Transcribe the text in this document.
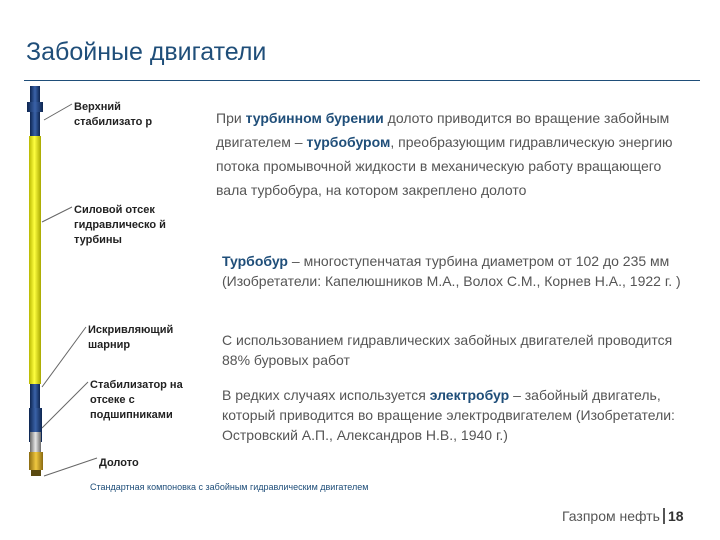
Забойные двигатели
Верхний стабилизато р
Силовой отсек гидравлическо й турбины
Искривляющий шарнир
Стабилизатор на отсеке с подшипниками
Долото
При турбинном бурении долото приводится во вращение забойным двигателем – турбобуром, преобразующим гидравлическую энергию потока промывочной жидкости в механическую работу вращающего вала турбобура, на котором закреплено долото
Турбобур – многоступенчатая турбина диаметром от 102 до 235 мм (Изобретатели: Капелюшников М.А., Волох С.М., Корнев Н.А., 1922 г. )
С использованием гидравлических забойных двигателей проводится 88% буровых работ
В редких случаях используется электробур – забойный двигатель, который приводится во вращение электродвигателем (Изобретатели: Островский А.П., Александров Н.В., 1940 г.)
Стандартная компоновка с забойным гидравлическим двигателем
Газпром нефть 18
